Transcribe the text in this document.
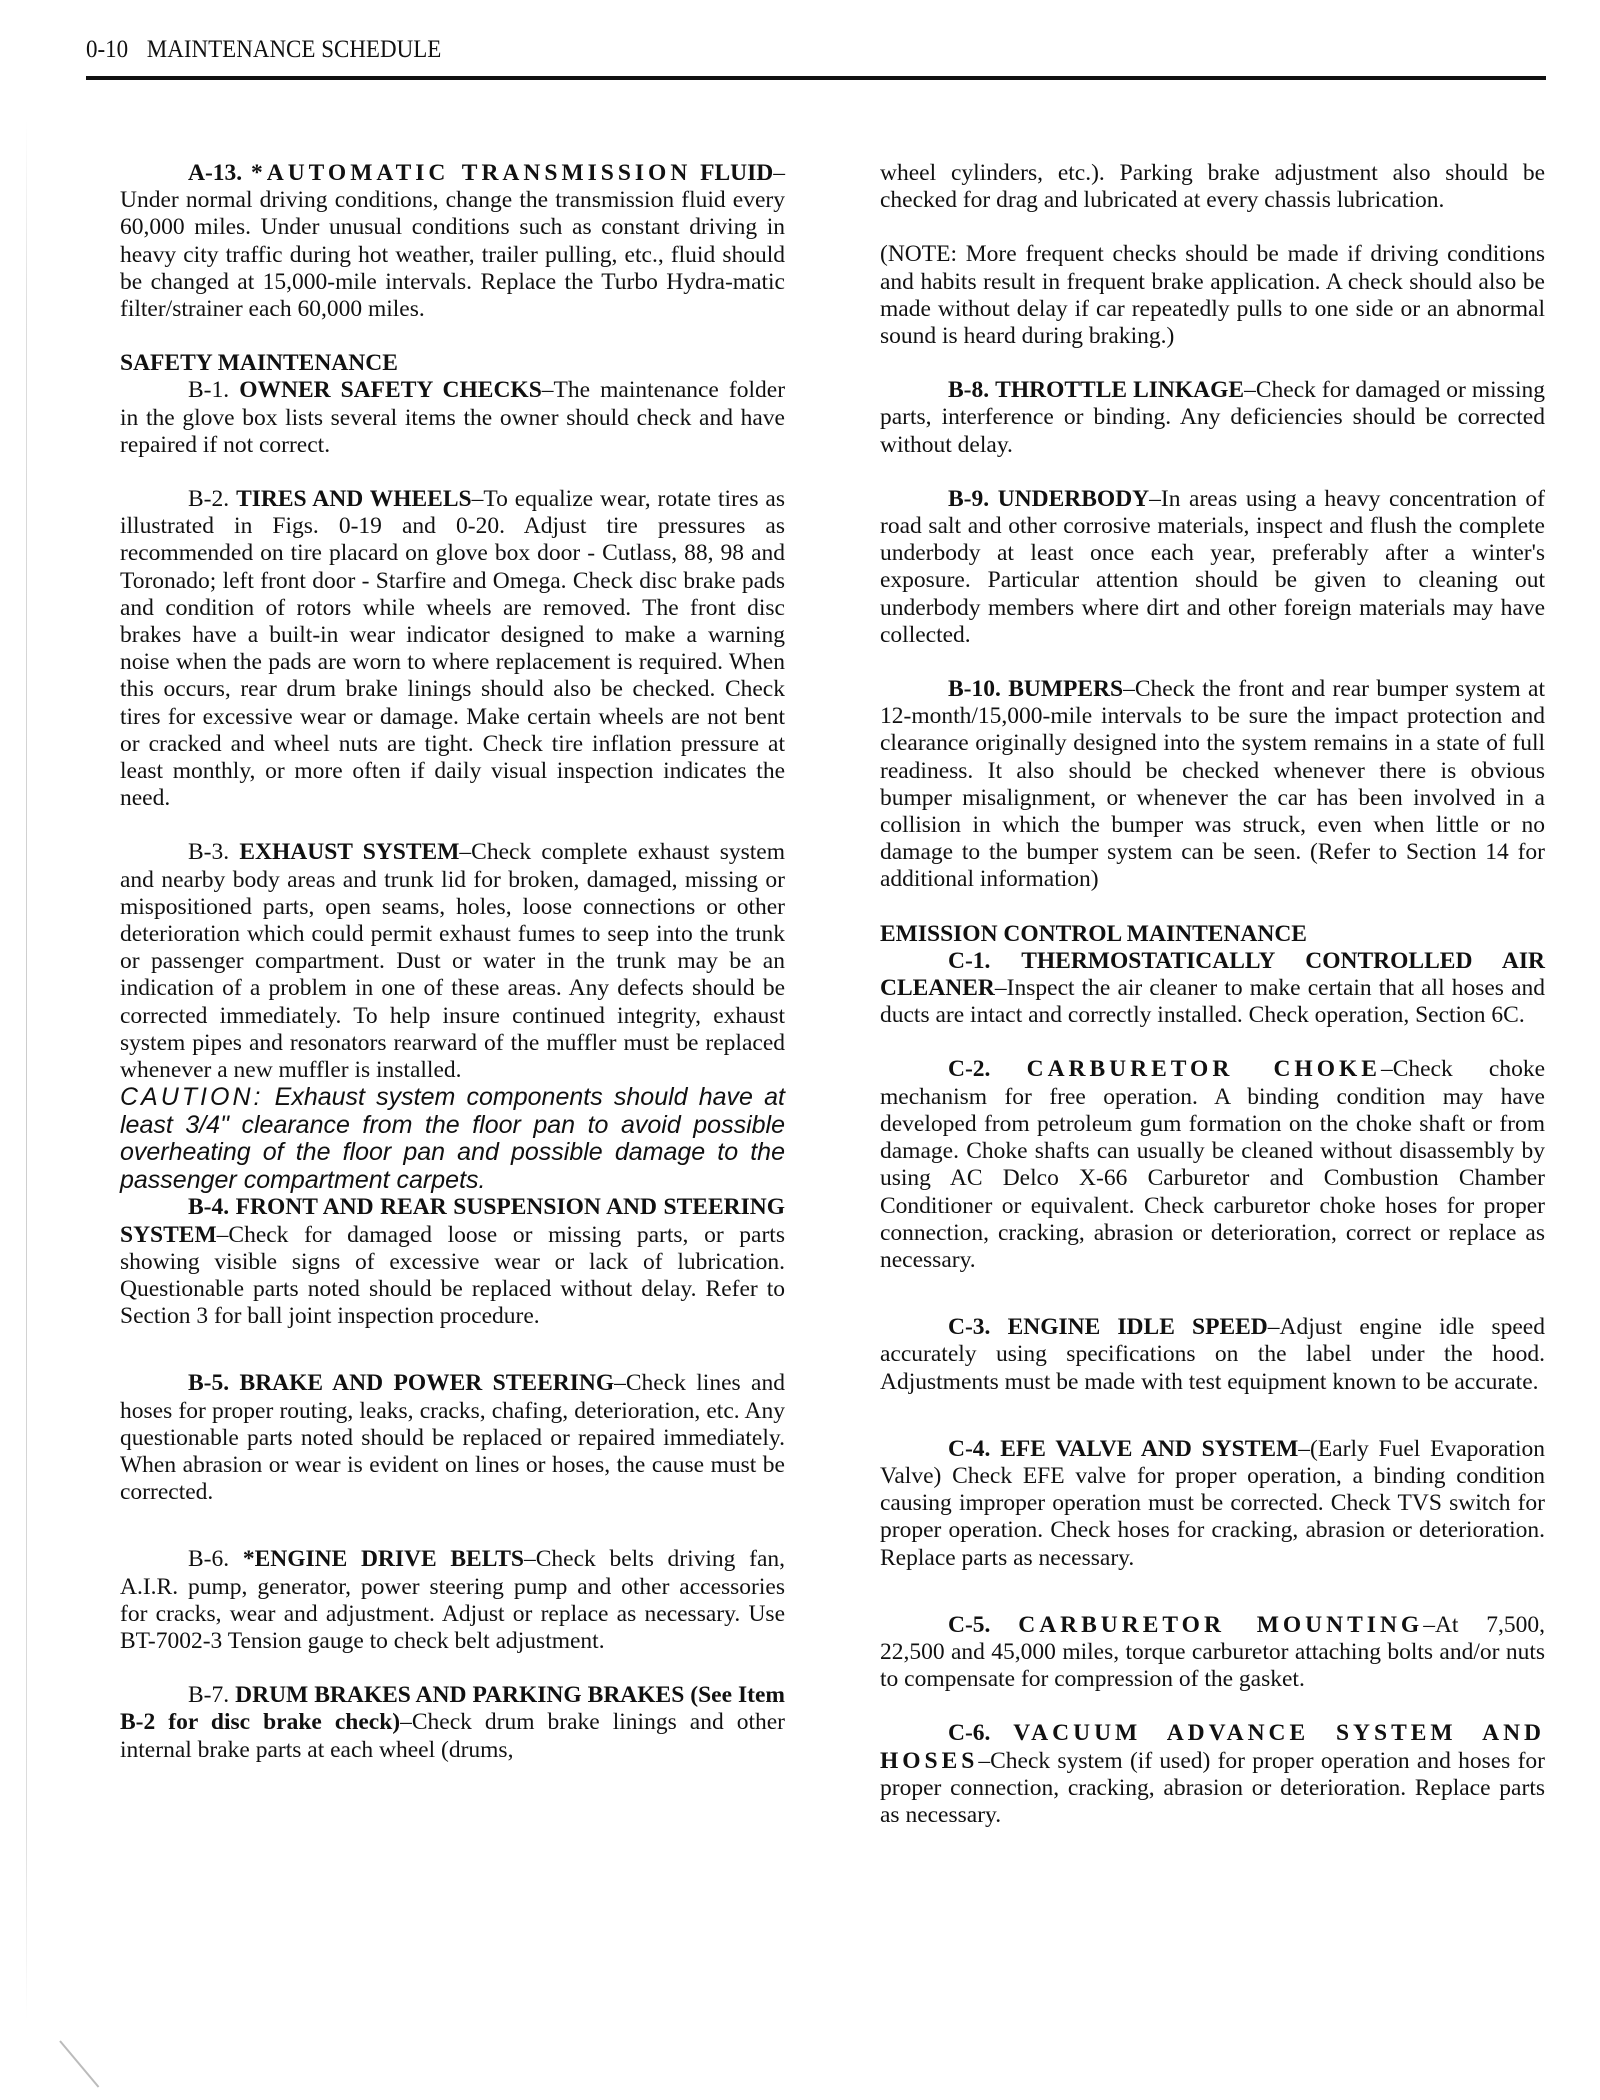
0-10 MAINTENANCE SCHEDULE

A-13. *AUTOMATIC TRANSMISSION FLUID–Under normal driving conditions, change the transmission fluid every 60,000 miles. Under unusual conditions such as constant driving in heavy city traffic during hot weather, trailer pulling, etc., fluid should be changed at 15,000-mile intervals. Replace the Turbo Hydra-matic filter/strainer each 60,000 miles.

SAFETY MAINTENANCE

B-1. OWNER SAFETY CHECKS–The maintenance folder in the glove box lists several items the owner should check and have repaired if not correct.

B-2. TIRES AND WHEELS–To equalize wear, rotate tires as illustrated in Figs. 0-19 and 0-20. Adjust tire pressures as recommended on tire placard on glove box door - Cutlass, 88, 98 and Toronado; left front door - Starfire and Omega. Check disc brake pads and condition of rotors while wheels are removed. The front disc brakes have a built-in wear indicator designed to make a warning noise when the pads are worn to where replacement is required. When this occurs, rear drum brake linings should also be checked. Check tires for excessive wear or damage. Make certain wheels are not bent or cracked and wheel nuts are tight. Check tire inflation pressure at least monthly, or more often if daily visual inspection indicates the need.

B-3. EXHAUST SYSTEM–Check complete exhaust system and nearby body areas and trunk lid for broken, damaged, missing or mispositioned parts, open seams, holes, loose connections or other deterioration which could permit exhaust fumes to seep into the trunk or passenger compartment. Dust or water in the trunk may be an indication of a problem in one of these areas. Any defects should be corrected immediately. To help insure continued integrity, exhaust system pipes and resonators rearward of the muffler must be replaced whenever a new muffler is installed.

CAUTION: Exhaust system components should have at least 3/4" clearance from the floor pan to avoid possible overheating of the floor pan and possible damage to the passenger compartment carpets.

B-4. FRONT AND REAR SUSPENSION AND STEERING SYSTEM–Check for damaged loose or missing parts, or parts showing visible signs of excessive wear or lack of lubrication. Questionable parts noted should be replaced without delay. Refer to Section 3 for ball joint inspection procedure.

B-5. BRAKE AND POWER STEERING–Check lines and hoses for proper routing, leaks, cracks, chafing, deterioration, etc. Any questionable parts noted should be replaced or repaired immediately. When abrasion or wear is evident on lines or hoses, the cause must be corrected.

B-6. *ENGINE DRIVE BELTS–Check belts driving fan, A.I.R. pump, generator, power steering pump and other accessories for cracks, wear and adjustment. Adjust or replace as necessary. Use BT-7002-3 Tension gauge to check belt adjustment.

B-7. DRUM BRAKES AND PARKING BRAKES (See Item B-2 for disc brake check)–Check drum brake linings and other internal brake parts at each wheel (drums,

wheel cylinders, etc.). Parking brake adjustment also should be checked for drag and lubricated at every chassis lubrication.

(NOTE: More frequent checks should be made if driving conditions and habits result in frequent brake application. A check should also be made without delay if car repeatedly pulls to one side or an abnormal sound is heard during braking.)

B-8. THROTTLE LINKAGE–Check for damaged or missing parts, interference or binding. Any deficiencies should be corrected without delay.

B-9. UNDERBODY–In areas using a heavy concentration of road salt and other corrosive materials, inspect and flush the complete underbody at least once each year, preferably after a winter's exposure. Particular attention should be given to cleaning out underbody members where dirt and other foreign materials may have collected.

B-10. BUMPERS–Check the front and rear bumper system at 12-month/15,000-mile intervals to be sure the impact protection and clearance originally designed into the system remains in a state of full readiness. It also should be checked whenever there is obvious bumper misalignment, or whenever the car has been involved in a collision in which the bumper was struck, even when little or no damage to the bumper system can be seen. (Refer to Section 14 for additional information)

EMISSION CONTROL MAINTENANCE

C-1. THERMOSTATICALLY CONTROLLED AIR CLEANER–Inspect the air cleaner to make certain that all hoses and ducts are intact and correctly installed. Check operation, Section 6C.

C-2. CARBURETOR CHOKE–Check choke mechanism for free operation. A binding condition may have developed from petroleum gum formation on the choke shaft or from damage. Choke shafts can usually be cleaned without disassembly by using AC Delco X-66 Carburetor and Combustion Chamber Conditioner or equivalent. Check carburetor choke hoses for proper connection, cracking, abrasion or deterioration, correct or replace as necessary.

C-3. ENGINE IDLE SPEED–Adjust engine idle speed accurately using specifications on the label under the hood. Adjustments must be made with test equipment known to be accurate.

C-4. EFE VALVE AND SYSTEM–(Early Fuel Evaporation Valve) Check EFE valve for proper operation, a binding condition causing improper operation must be corrected. Check TVS switch for proper operation. Check hoses for cracking, abrasion or deterioration. Replace parts as necessary.

C-5. CARBURETOR MOUNTING–At 7,500, 22,500 and 45,000 miles, torque carburetor attaching bolts and/or nuts to compensate for compression of the gasket.

C-6. VACUUM ADVANCE SYSTEM AND HOSES–Check system (if used) for proper operation and hoses for proper connection, cracking, abrasion or deterioration. Replace parts as necessary.
